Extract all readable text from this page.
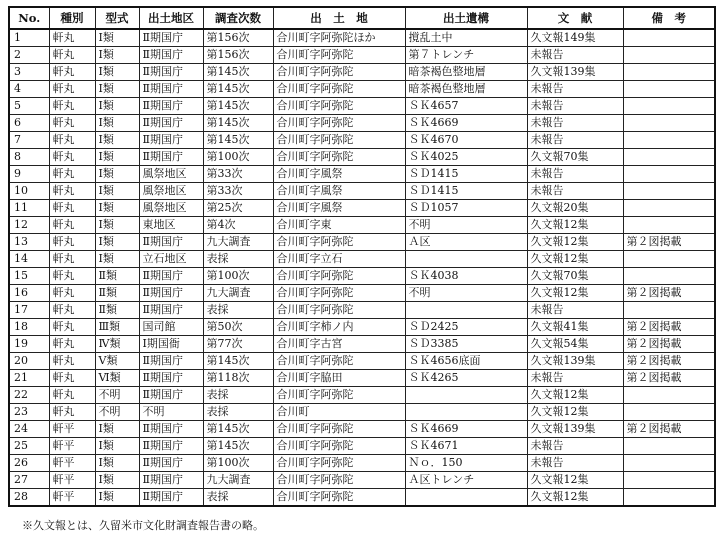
No.	種別	型式	出土地区	調査次数	出　土　地	出土遺構	文　献	備　考
1	軒丸	Ⅰ類	Ⅱ期国庁	第156次	合川町字阿弥陀ほか	撹乱土中	久文報149集	
2	軒丸	Ⅰ類	Ⅱ期国庁	第156次	合川町字阿弥陀	第７トレンチ	未報告	
3	軒丸	Ⅰ類	Ⅱ期国庁	第145次	合川町字阿弥陀	暗茶褐色整地層	久文報139集	
4	軒丸	Ⅰ類	Ⅱ期国庁	第145次	合川町字阿弥陀	暗茶褐色整地層	未報告	
5	軒丸	Ⅰ類	Ⅱ期国庁	第145次	合川町字阿弥陀	ＳＫ4657	未報告	
6	軒丸	Ⅰ類	Ⅱ期国庁	第145次	合川町字阿弥陀	ＳＫ4669	未報告	
7	軒丸	Ⅰ類	Ⅱ期国庁	第145次	合川町字阿弥陀	ＳＫ4670	未報告	
8	軒丸	Ⅰ類	Ⅱ期国庁	第100次	合川町字阿弥陀	ＳＫ4025	久文報70集	
9	軒丸	Ⅰ類	風祭地区	第33次	合川町字風祭	ＳＤ1415	未報告	
10	軒丸	Ⅰ類	風祭地区	第33次	合川町字風祭	ＳＤ1415	未報告	
11	軒丸	Ⅰ類	風祭地区	第25次	合川町字風祭	ＳＤ1057	久文報20集	
12	軒丸	Ⅰ類	東地区	第4次	合川町字東	不明	久文報12集	
13	軒丸	Ⅰ類	Ⅱ期国庁	九大調査	合川町字阿弥陀	Ａ区	久文報12集	第２図掲載
14	軒丸	Ⅰ類	立石地区	表採	合川町字立石		久文報12集	
15	軒丸	Ⅱ類	Ⅱ期国庁	第100次	合川町字阿弥陀	ＳＫ4038	久文報70集	
16	軒丸	Ⅱ類	Ⅱ期国庁	九大調査	合川町字阿弥陀	不明	久文報12集	第２図掲載
17	軒丸	Ⅱ類	Ⅱ期国庁	表採	合川町字阿弥陀		未報告	
18	軒丸	Ⅲ類	国司館	第50次	合川町字柿ノ内	ＳＤ2425	久文報41集	第２図掲載
19	軒丸	Ⅳ類	Ⅰ期国衙	第77次	合川町字古宮	ＳＤ3385	久文報54集	第２図掲載
20	軒丸	Ⅴ類	Ⅱ期国庁	第145次	合川町字阿弥陀	ＳＫ4656底面	久文報139集	第２図掲載
21	軒丸	Ⅵ類	Ⅱ期国庁	第118次	合川町字脇田	ＳＫ4265	未報告	第２図掲載
22	軒丸	不明	Ⅱ期国庁	表採	合川町字阿弥陀		久文報12集	
23	軒丸	不明	不明	表採	合川町		久文報12集	
24	軒平	Ⅰ類	Ⅱ期国庁	第145次	合川町字阿弥陀	ＳＫ4669	久文報139集	第２図掲載
25	軒平	Ⅰ類	Ⅱ期国庁	第145次	合川町字阿弥陀	ＳＫ4671	未報告	
26	軒平	Ⅰ類	Ⅱ期国庁	第100次	合川町字阿弥陀	Ｎｏ．150	未報告	
27	軒平	Ⅰ類	Ⅱ期国庁	九大調査	合川町字阿弥陀	Ａ区トレンチ	久文報12集	
28	軒平	Ⅰ類	Ⅱ期国庁	表採	合川町字阿弥陀		久文報12集	
※久文報とは、久留米市文化財調査報告書の略。
